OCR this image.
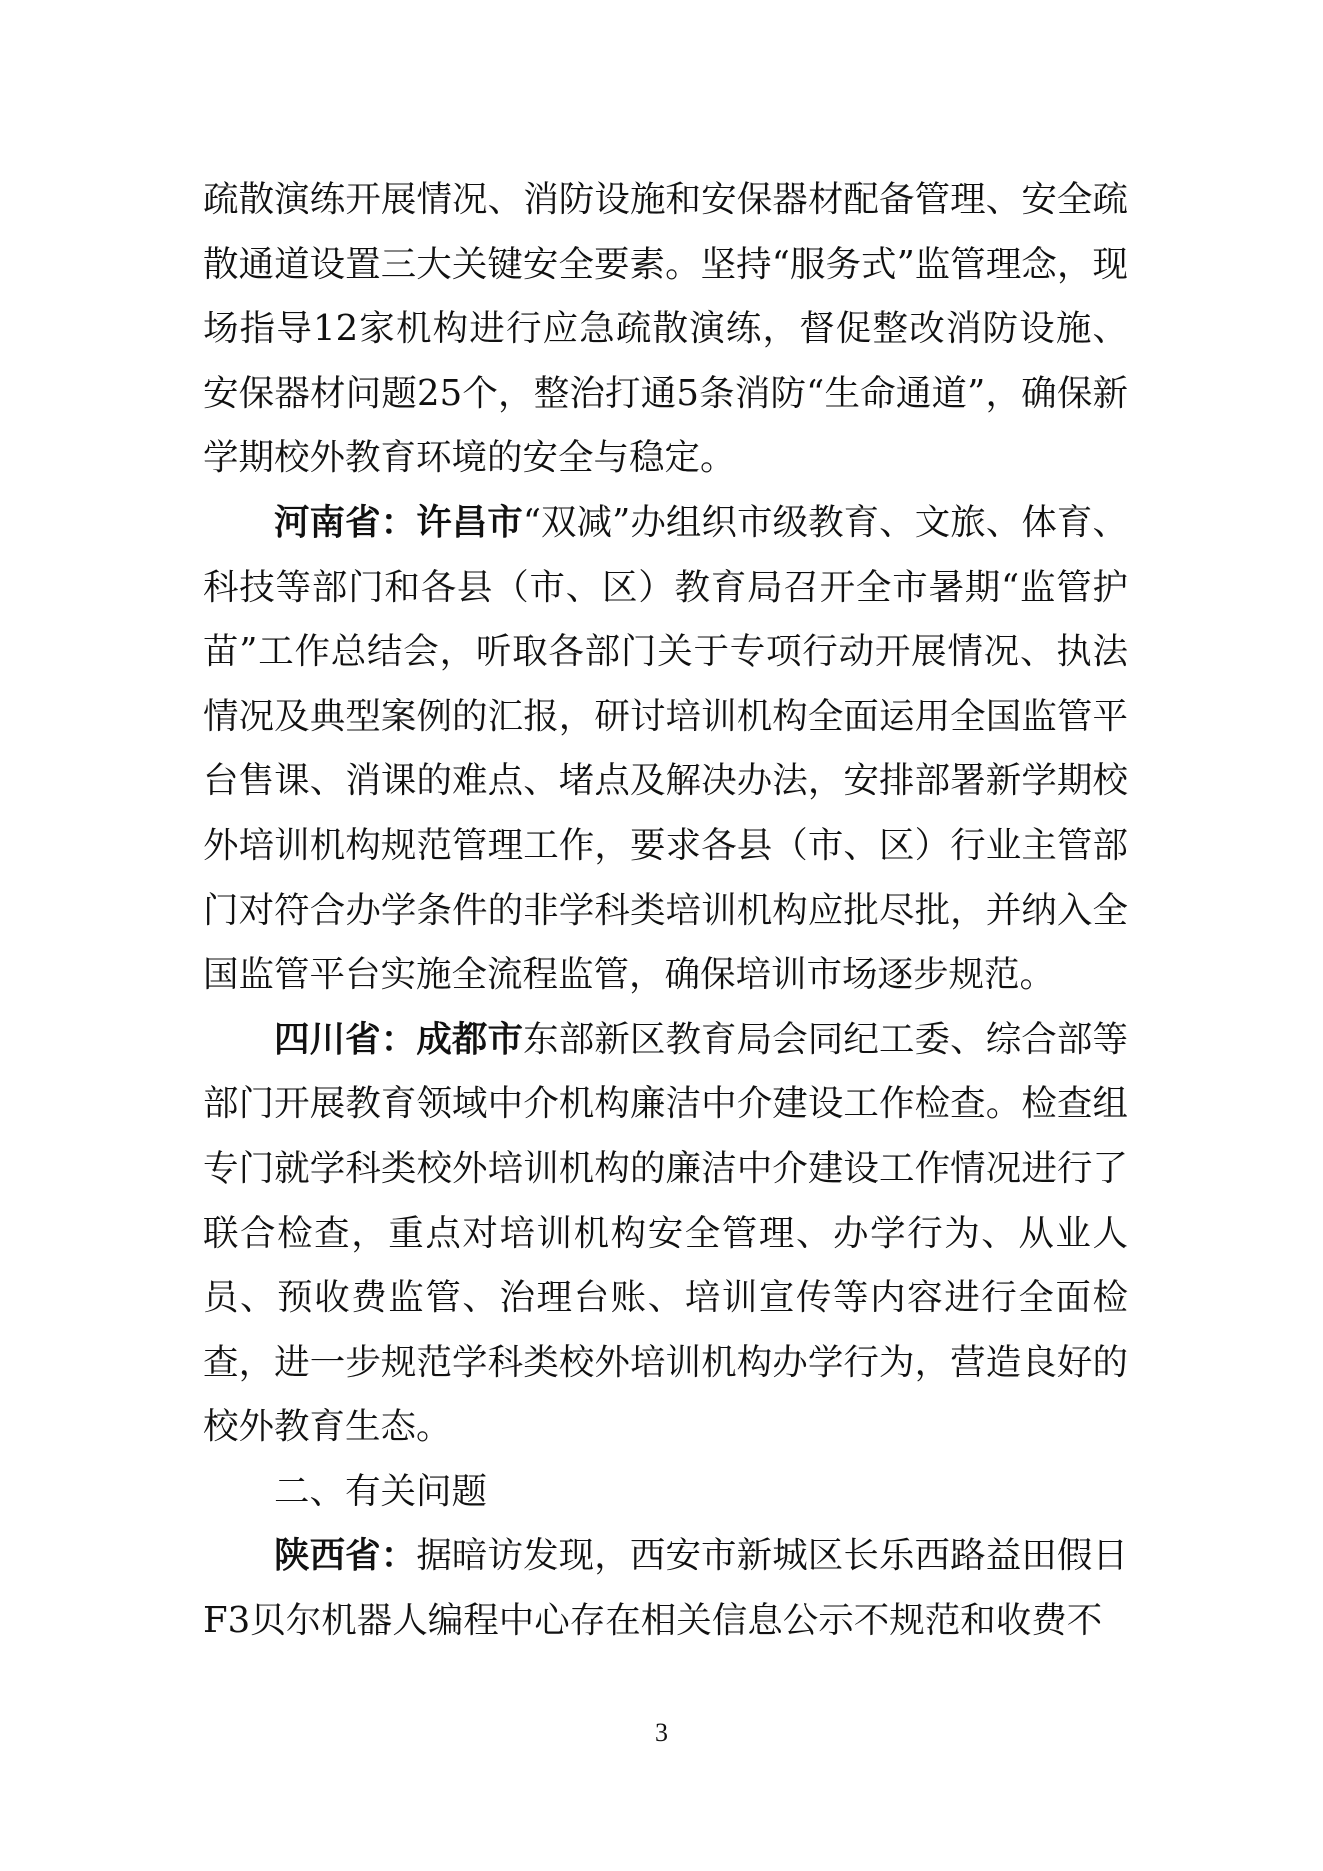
疏散演练开展情况、消防设施和安保器材配备管理、安全疏散通道设置三大关键安全要素。坚持“服务式”监管理念，现场指导12家机构进行应急疏散演练，督促整改消防设施、安保器材问题25个，整治打通5条消防“生命通道”，确保新学期校外教育环境的安全与稳定。

河南省：许昌市“双减”办组织市级教育、文旅、体育、科技等部门和各县（市、区）教育局召开全市暑期“监管护苗”工作总结会，听取各部门关于专项行动开展情况、执法情况及典型案例的汇报，研讨培训机构全面运用全国监管平台售课、消课的难点、堵点及解决办法，安排部署新学期校外培训机构规范管理工作，要求各县（市、区）行业主管部门对符合办学条件的非学科类培训机构应批尽批，并纳入全国监管平台实施全流程监管，确保培训市场逐步规范。

四川省：成都市东部新区教育局会同纪工委、综合部等部门开展教育领域中介机构廉洁中介建设工作检查。检查组专门就学科类校外培训机构的廉洁中介建设工作情况进行了联合检查，重点对培训机构安全管理、办学行为、从业人员、预收费监管、治理台账、培训宣传等内容进行全面检查，进一步规范学科类校外培训机构办学行为，营造良好的校外教育生态。

二、有关问题

陕西省：据暗访发现，西安市新城区长乐西路益田假日F3贝尔机器人编程中心存在相关信息公示不规范和收费不

3
